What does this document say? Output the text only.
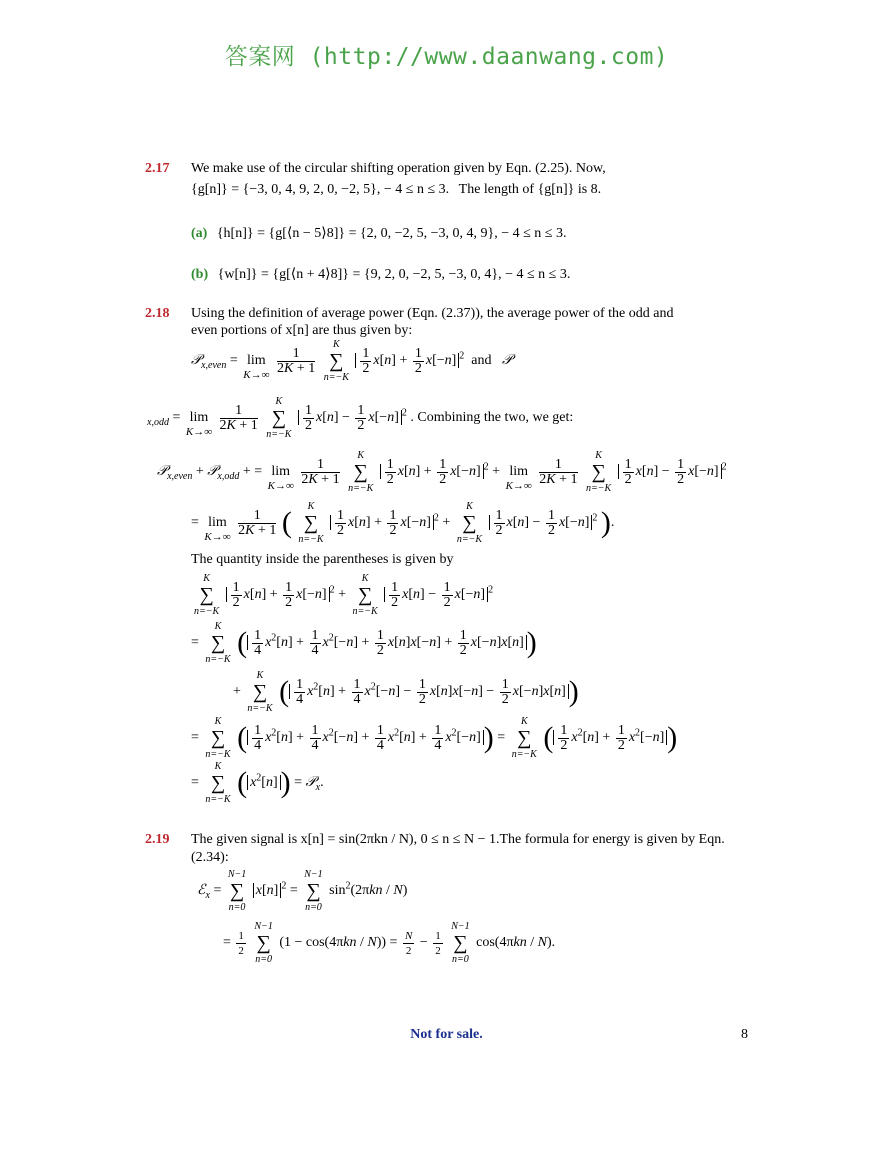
答案网 (http://www.daanwang.com)
2.17 We make use of the circular shifting operation given by Eqn. (2.25). Now,
{g[n]} = {−3, 0, 4, 9, 2, 0, −2, 5}, − 4 ≤ n ≤ 3. The length of {g[n]} is 8.
(a) {h[n]} = {g[⟨n − 5⟩8]} = {2, 0, −2, 5, −3, 0, 4, 9}, − 4 ≤ n ≤ 3.
(b) {w[n]} = {g[⟨n + 4⟩8]} = {9, 2, 0, −2, 5, −3, 0, 4}, − 4 ≤ n ≤ 3.
2.18 Using the definition of average power (Eqn. (2.37)), the average power of the odd and
even portions of x[n] are thus given by:
𝒫$_{x,even}$ =
lim
K→∞
$\frac{1}{2K + 1}$

K
∑
n=−K

$\frac{1}{2} x[n] + \frac{1}{2} x[-n]$ $^2$ and 𝒫
$_{x,odd}$ =
lim
K→∞
$\frac{1}{2K + 1}$

K
∑
n=−K

$\frac{1}{2} x[n] - \frac{1}{2} x[-n]$ $^2$ . Combining the two, we get:
𝒫$_{x,even}$ + 𝒫$_{x,odd}$ + =
lim
K→∞
$\frac{1}{2K + 1}$

K
∑
n=−K

$\frac{1}{2} x[n] + \frac{1}{2} x[-n] ^2$ +
lim
K→∞
$\frac{1}{2K + 1}$

K
∑
n=−K

$\frac{1}{2} x[n] - \frac{1}{2} x[-n]$ $^2$
=
lim
K→∞
$\frac{1}{2K + 1}$ (	K
∑
n=−K

$\frac{1}{2} x[n] + \frac{1}{2} x[-n] ^2$ +
K
∑
n=−K

$\frac{1}{2} x[n] - \frac{1}{2} x[-n]$ $^2$ ).
The quantity inside the parentheses is given by
K
∑
n=−K

$\frac{1}{2} x[n] + \frac{1}{2} x[-n] ^2$ +
K
∑
n=−K

$\frac{1}{2} x[n] - \frac{1}{2} x[-n]$ $^2$
=
K
∑
n=−K
( $\frac{1}{4} x^2[n] + \frac{1}{4} x^2[-n] + \frac{1}{2} x[n]x[-n] + \frac{1}{2} x[-n]x[n]$ )
+
K
∑
n=−K
( $\frac{1}{4} x^2[n] + \frac{1}{4} x^2[-n] - \frac{1}{2} x[n]x[-n] - \frac{1}{2} x[-n]x[n]$ )
=
K
∑
n=−K
( $\frac{1}{4} x^2[n] + \frac{1}{4} x^2[-n] + \frac{1}{4} x^2[n] + \frac{1}{4} x^2[-n]$ ) =
K
∑
n=−K
( $\frac{1}{2} x^2[n] + \frac{1}{2} x^2[-n]$ )
=
K
∑
n=−K
( $x^2[n]$ ) = 𝒫$_x$.
2.19 The given signal is x[n] = sin(2πkn / N), 0 ≤ n ≤ N − 1.The formula for energy is given by Eqn.
(2.34):
ℰ$_x$ =
N−1
∑
n=0
x[n] $^2$ =
N−1
∑
n=0
$\sin^2(2\pi kn / N)$
= $\frac{1}{2}$

N−1
∑
n=0
$(1 - \cos(4\pi kn / N)) = \frac{N}{2} - \frac{1}{2}$

N−1
∑
n=0
cos(4πkn / N).
Not for sale.	8
